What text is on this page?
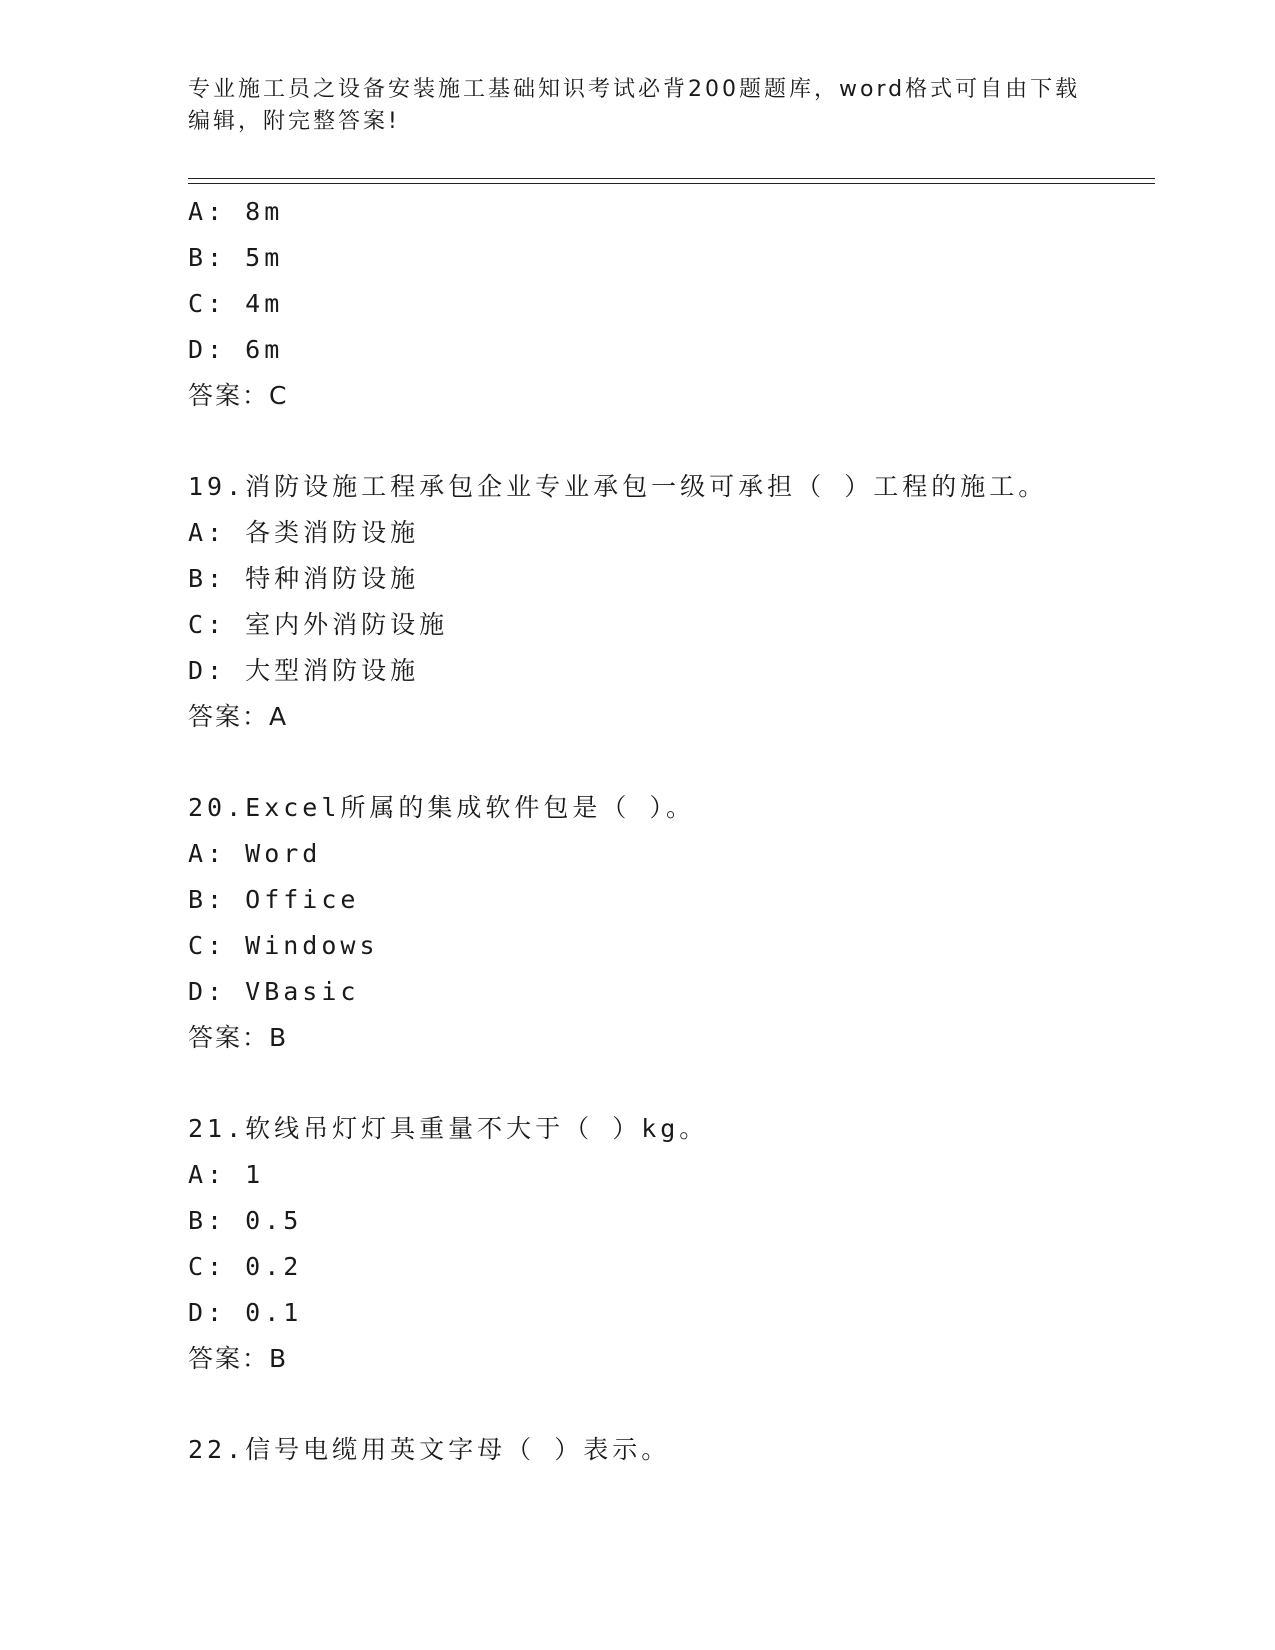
专业施工员之设备安装施工基础知识考试必背200题题库，word格式可自由下载
编辑，附完整答案!
A: 8m
B: 5m
C: 4m
D: 6m
答案：C
19.消防设施工程承包企业专业承包一级可承担（ ）工程的施工。
A: 各类消防设施
B: 特种消防设施
C: 室内外消防设施
D: 大型消防设施
答案：A
20.Excel所属的集成软件包是（ ）。
A: Word
B: Office
C: Windows
D: VBasic
答案：B
21.软线吊灯灯具重量不大于（ ）kg。
A: 1
B: 0.5
C: 0.2
D: 0.1
答案：B
22.信号电缆用英文字母（ ）表示。
